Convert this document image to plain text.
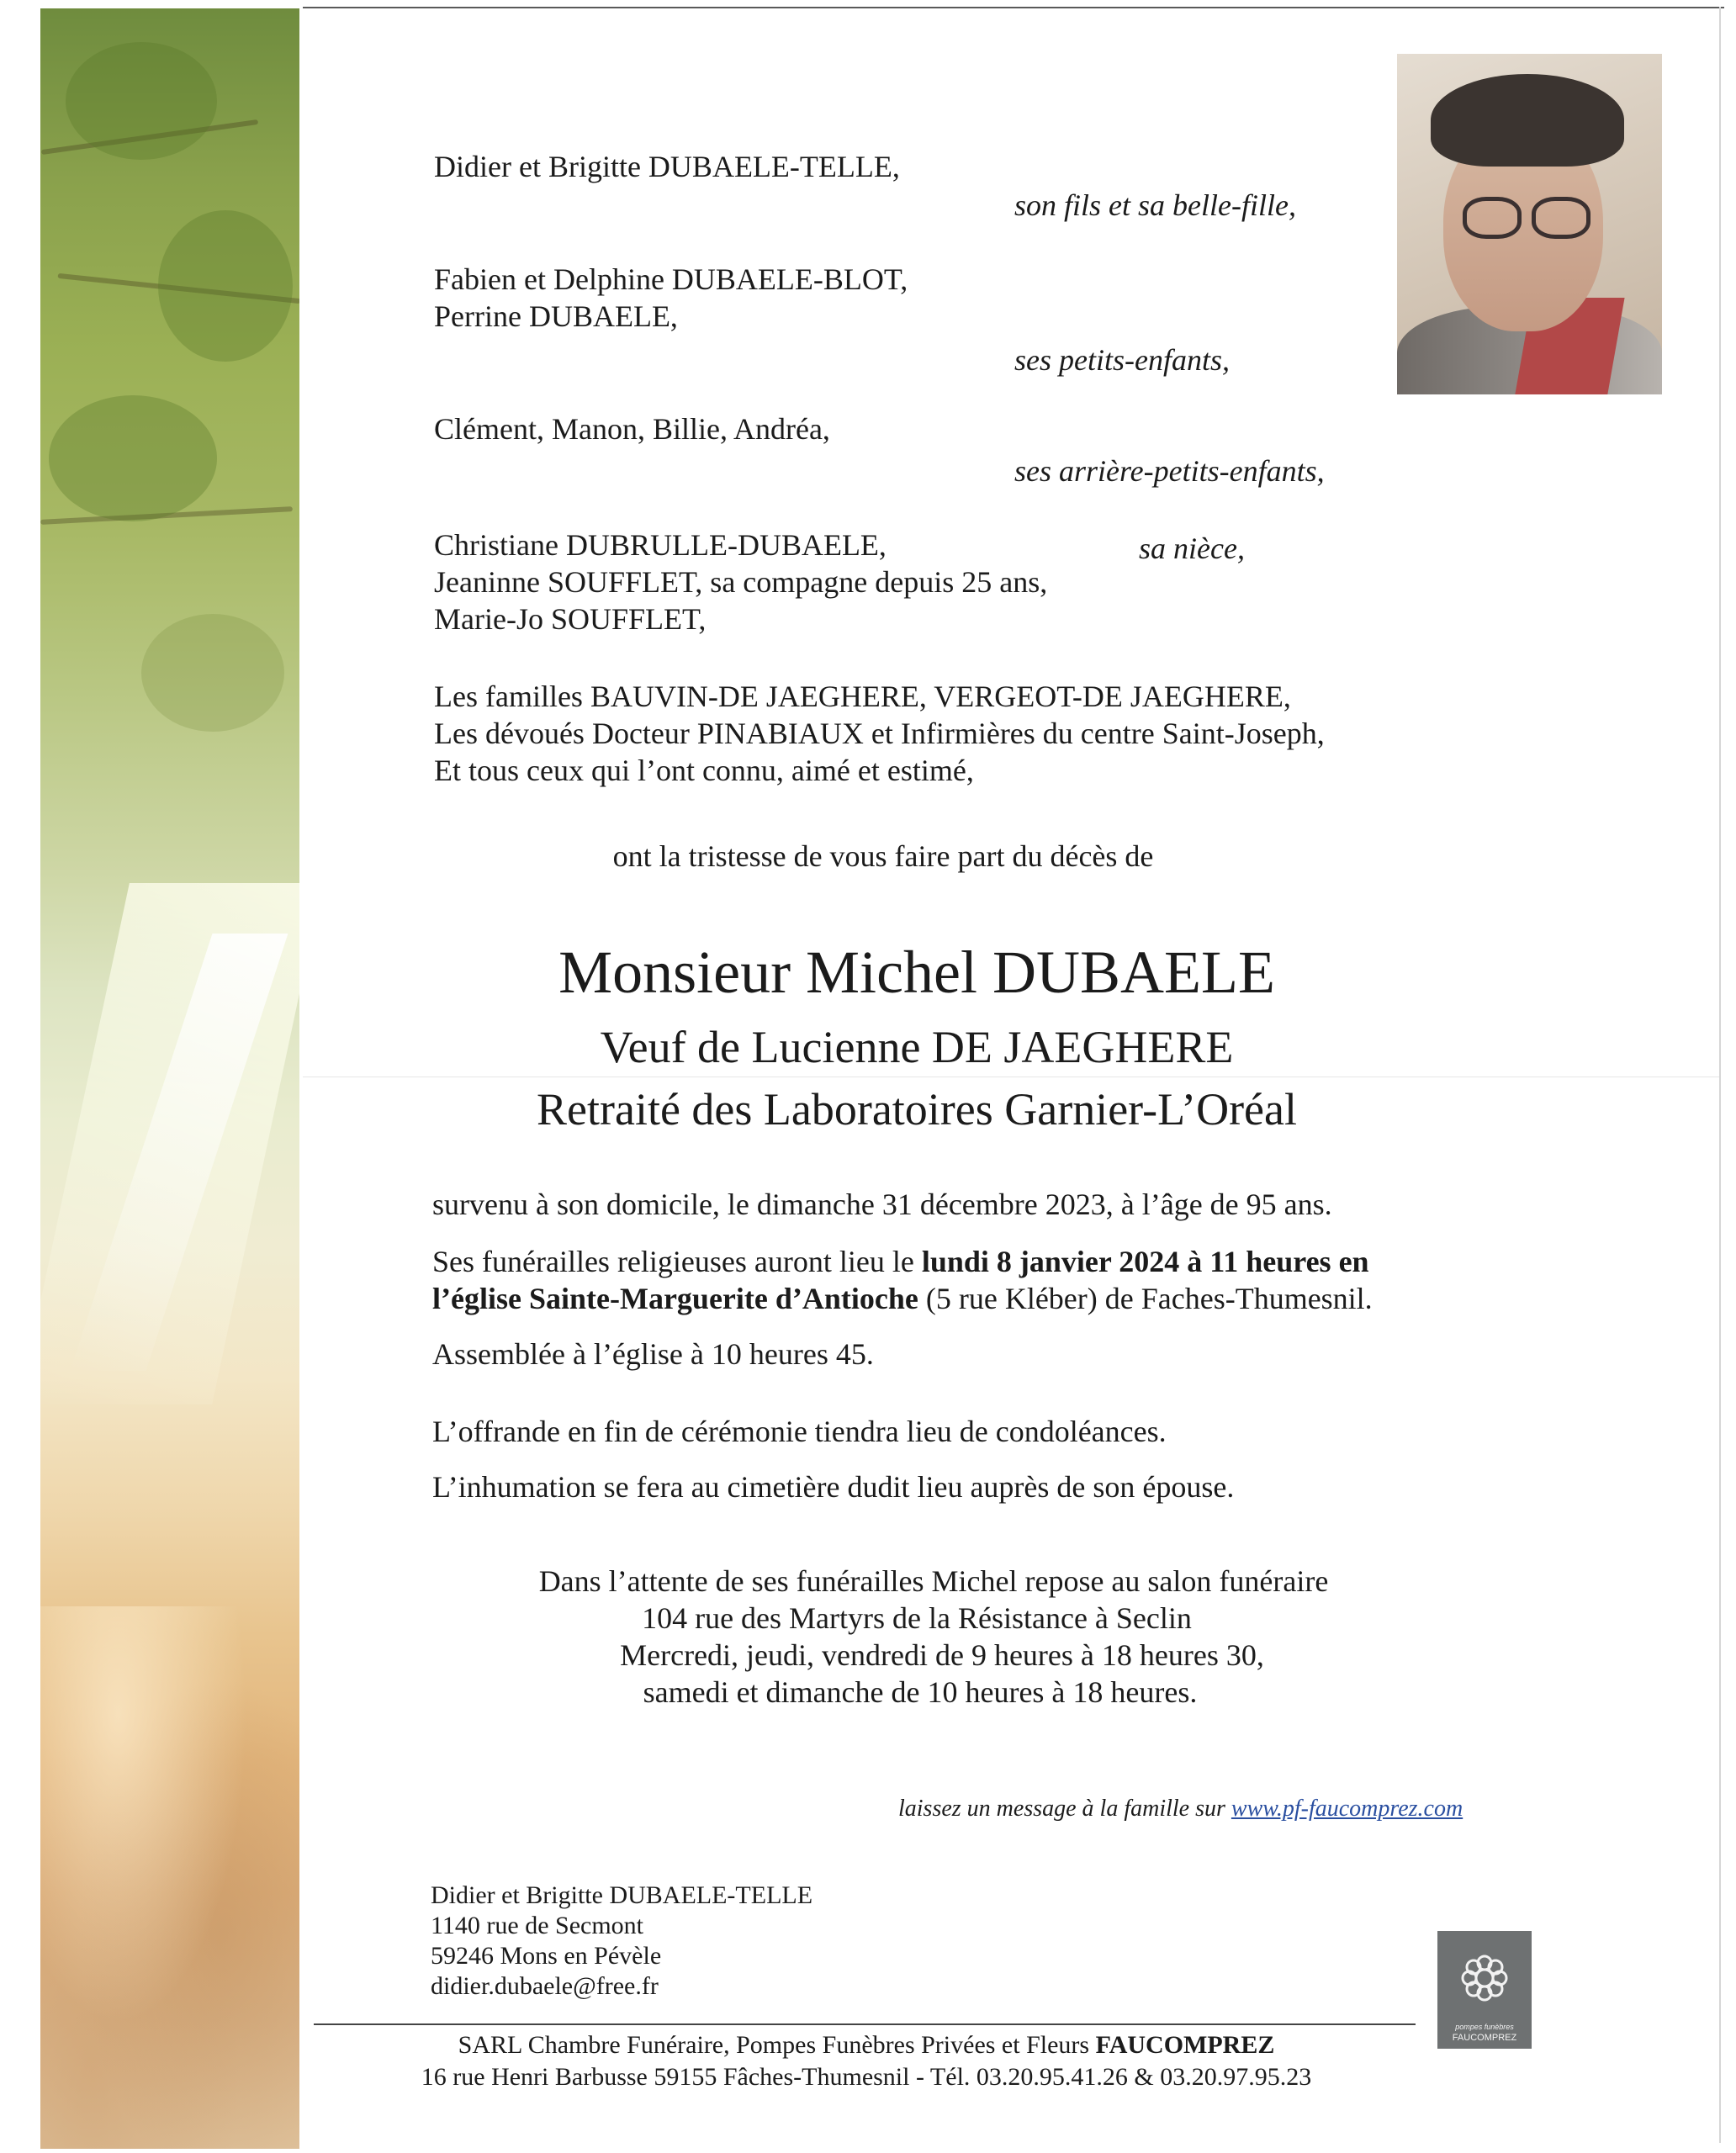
Didier et Brigitte DUBAELE-TELLE,

son fils et sa belle-fille,

Fabien et Delphine DUBAELE-BLOT,

Perrine DUBAELE,

ses petits-enfants,

Clément, Manon, Billie, Andréa,

ses arrière-petits-enfants,

Christiane DUBRULLE-DUBAELE,	sa nièce,

Jeaninne SOUFFLET, sa compagne depuis 25 ans,

Marie-Jo SOUFFLET,

Les familles BAUVIN-DE JAEGHERE, VERGEOT-DE JAEGHERE,

Les dévoués Docteur PINABIAUX et Infirmières du centre Saint-Joseph,

Et tous ceux qui l’ont connu, aimé et estimé,

ont la tristesse de vous faire part du décès de

Monsieur Michel DUBAELE

Veuf de Lucienne DE JAEGHERE

Retraité des Laboratoires Garnier-L’Oréal

survenu à son domicile, le dimanche 31 décembre 2023, à l’âge de 95 ans.

Ses funérailles religieuses auront lieu le lundi 8 janvier 2024 à 11 heures en

l’église Sainte-Marguerite d’Antioche (5 rue Kléber) de Faches-Thumesnil.

Assemblée à l’église à 10 heures 45.

L’offrande en fin de cérémonie tiendra lieu de condoléances.

L’inhumation se fera au cimetière dudit lieu auprès de son épouse.

Dans l’attente de ses funérailles Michel repose au salon funéraire

104 rue des Martyrs de la Résistance à Seclin

Mercredi, jeudi, vendredi de 9 heures à 18 heures 30,

samedi et dimanche de 10 heures à 18 heures.

laissez un message à la famille sur www.pf-faucomprez.com

Didier et Brigitte DUBAELE-TELLE

1140 rue de Secmont

59246 Mons en Pévèle

didier.dubaele@free.fr

pompes funèbres
FAUCOMPREZ

SARL Chambre Funéraire, Pompes Funèbres Privées et Fleurs FAUCOMPREZ

16 rue Henri Barbusse 59155 Fâches-Thumesnil - Tél. 03.20.95.41.26 & 03.20.97.95.23
